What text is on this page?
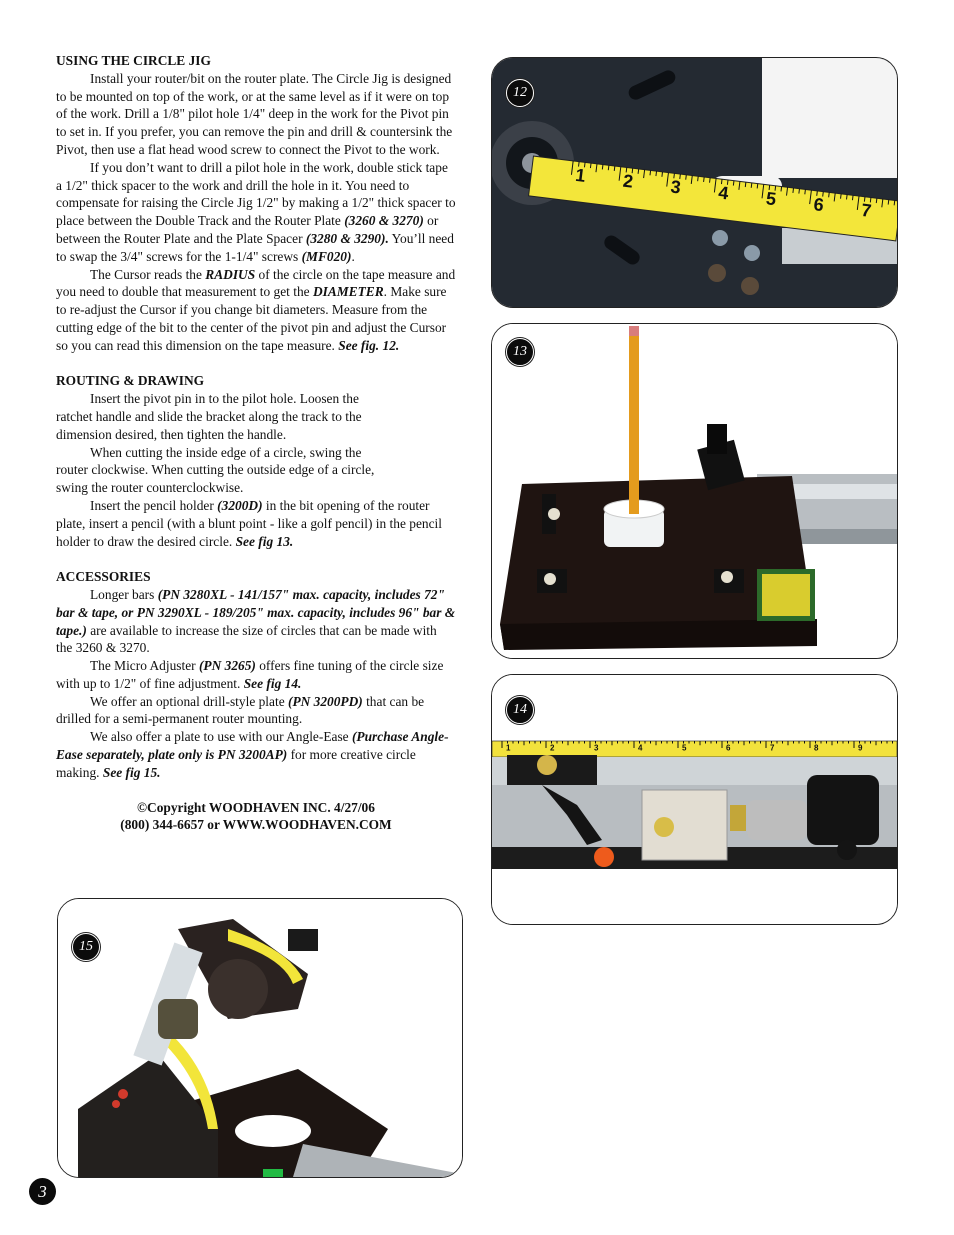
USING THE CIRCLE JIG

Install your router/bit on the router plate. The Circle Jig is designed to be mounted on top of the work, or at the same level as if it were on top of the work. Drill a 1/8" pilot hole 1/4" deep in the work for the Pivot pin to set in. If you prefer, you can remove the pin and drill & countersink the Pivot, then use a flat head wood screw to connect the Pivot to the work.

If you don’t want to drill a pilot hole in the work, double stick tape a 1/2" thick spacer to the work and drill the hole in it. You need to compensate for raising the Circle Jig 1/2" by making a 1/2" thick spacer to place between the Double Track and the Router Plate (3260 & 3270) or between the Router Plate and the Plate Spacer (3280 & 3290). You’ll need to swap the 3/4" screws for the 1-1/4" screws (MF020).

The Cursor reads the RADIUS of the circle on the tape measure and you need to double that measurement to get the DIAMETER. Make sure to re-adjust the Cursor if you change bit diameters. Measure from the cutting edge of the bit to the center of the pivot pin and adjust the Cursor so you can read this dimension on the tape measure. See fig. 12.

ROUTING & DRAWING

Insert the pivot pin in to the pilot hole. Loosen the ratchet handle and slide the bracket along the track to the dimension desired, then tighten the handle.

When cutting the inside edge of a circle, swing the router clockwise. When cutting the outside edge of a circle, swing the router counterclockwise.

Insert the pencil holder (3200D) in the bit opening of the router plate, insert a pencil (with a blunt point - like a golf pencil) in the pencil holder to draw the desired circle. See fig 13.

ACCESSORIES

Longer bars (PN 3280XL - 141/157" max. capacity, includes 72" bar & tape, or PN 3290XL - 189/205" max. capacity, includes 96" bar & tape.) are available to increase the size of circles that can be made with the 3260 & 3270.

The Micro Adjuster (PN 3265) offers fine tuning of the circle size with up to 1/2" of fine adjustment. See fig 14.

We offer an optional drill-style plate (PN 3200PD) that can be drilled for a semi-permanent router mounting.

We also offer a plate to use with our Angle-Ease (Purchase Angle-Ease separately, plate only is PN 3200AP) for more creative circle making. See fig 15.

©Copyright WOODHAVEN INC. 4/27/06
(800) 344-6657 or WWW.WOODHAVEN.COM
1 2 3 4 5 6 7
12
13
1	2	3	4	5	6	7	8	9
14
15
3
